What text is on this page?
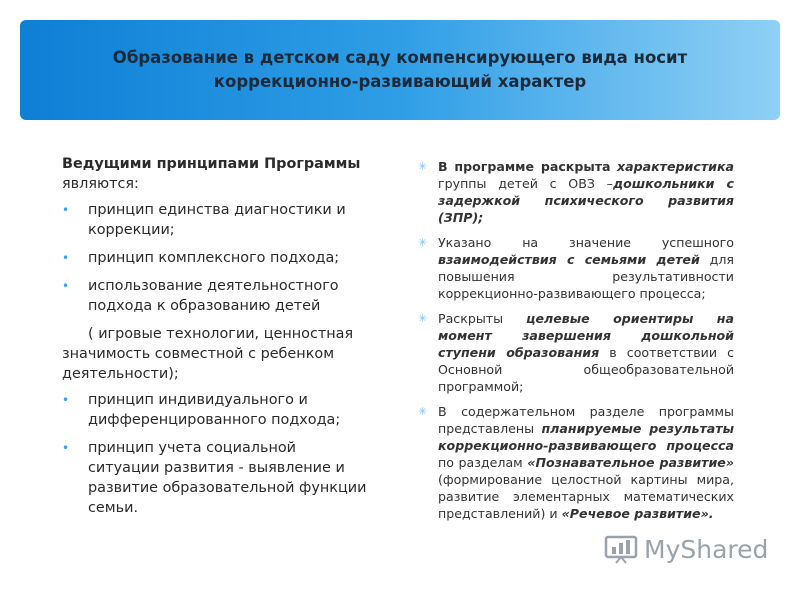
Образование в детском саду компенсирующего вида носит
коррекционно-развивающий характер

Ведущими принципами Программы
являются:

• принцип единства диагностики и коррекции;
• принцип комплексного подхода;
• использование деятельностного подхода к образованию детей

( игровые технологии, ценностная значимость совместной с ребенком деятельности);

• принцип индивидуального и дифференцированного подхода;
• принцип учета социальной ситуации развития - выявление и развитие образовательной функции семьи.
✳ В программе раскрыта характеристика группы детей с ОВЗ –дошкольники с задержкой психического развития (ЗПР);
✳ Указано на значение успешного взаимодействия с семьями детей для повышения результативности коррекционно-развивающего процесса;
✳ Раскрыты целевые ориентиры на момент завершения дошкольной ступени образования в соответствии с Основной общеобразовательной программой;
✳ В содержательном разделе программы представлены планируемые результаты коррекционно-развивающего процесса по разделам «Познавательное развитие» (формирование целостной картины мира, развитие элементарных математических представлений) и «Речевое развитие».
MyShared
